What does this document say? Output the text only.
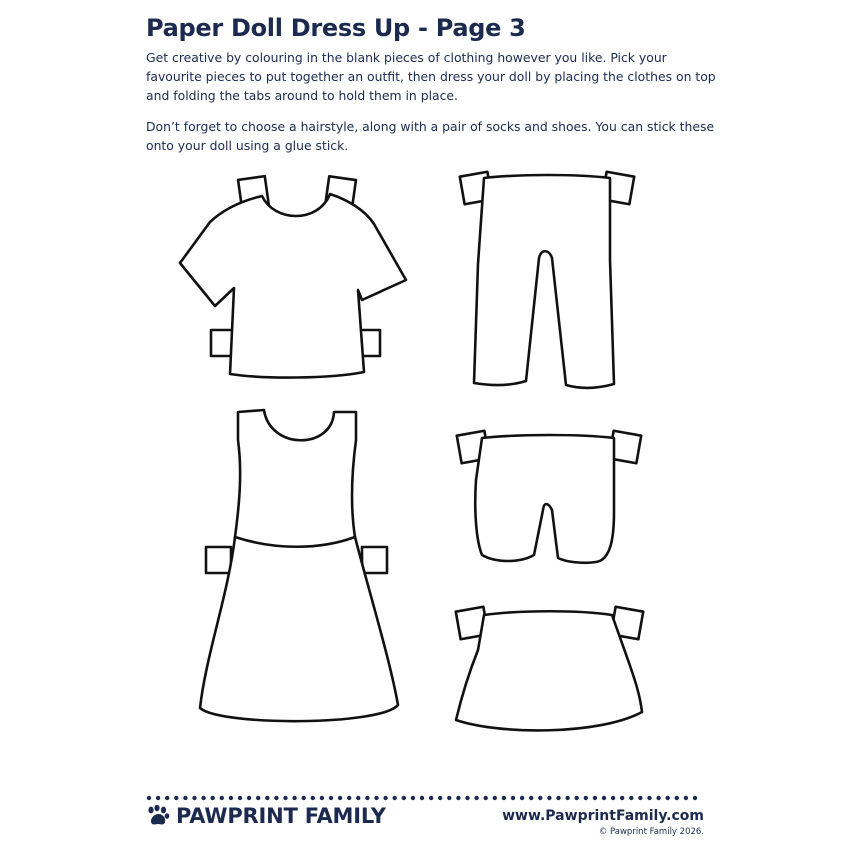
Paper Doll Dress Up - Page 3
Get creative by colouring in the blank pieces of clothing however you like. Pick your favourite pieces to put together an outfit, then dress your doll by placing the clothes on top and folding the tabs around to hold them in place.
Don’t forget to choose a hairstyle, along with a pair of socks and shoes. You can stick these onto your doll using a glue stick.
PAWPRINT FAMILY	www.PawprintFamily.com
© Pawprint Family 2026.
